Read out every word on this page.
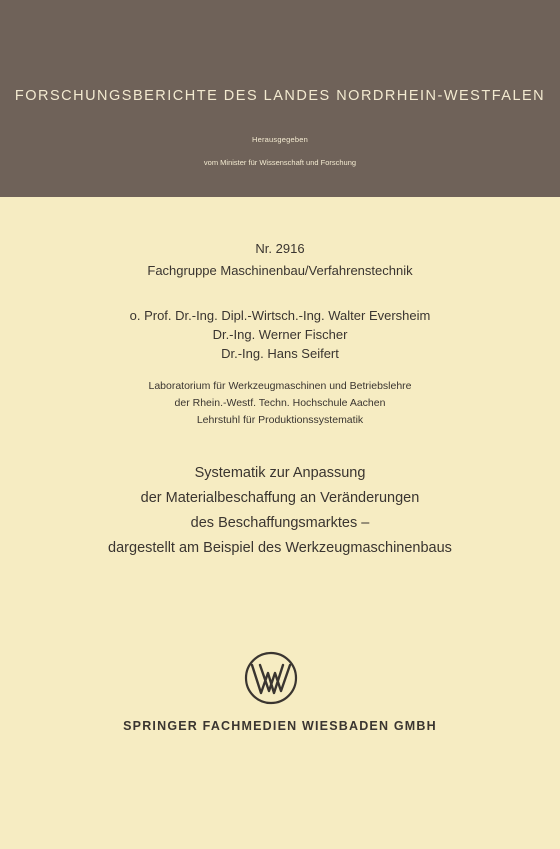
FORSCHUNGSBERICHTE DES LANDES NORDRHEIN-WESTFALEN
Herausgegeben
vom Minister für Wissenschaft und Forschung
Nr. 2916
Fachgruppe Maschinenbau/Verfahrenstechnik
o. Prof. Dr.-Ing. Dipl.-Wirtsch.-Ing. Walter Eversheim
Dr.-Ing. Werner Fischer
Dr.-Ing. Hans Seifert
Laboratorium für Werkzeugmaschinen und Betriebslehre
der Rhein.-Westf. Techn. Hochschule Aachen
Lehrstuhl für Produktionssystematik
Systematik zur Anpassung
der Materialbeschaffung an Veränderungen
des Beschaffungsmarktes –
dargestellt am Beispiel des Werkzeugmaschinenbaus
SPRINGER FACHMEDIEN WIESBADEN GMBH
